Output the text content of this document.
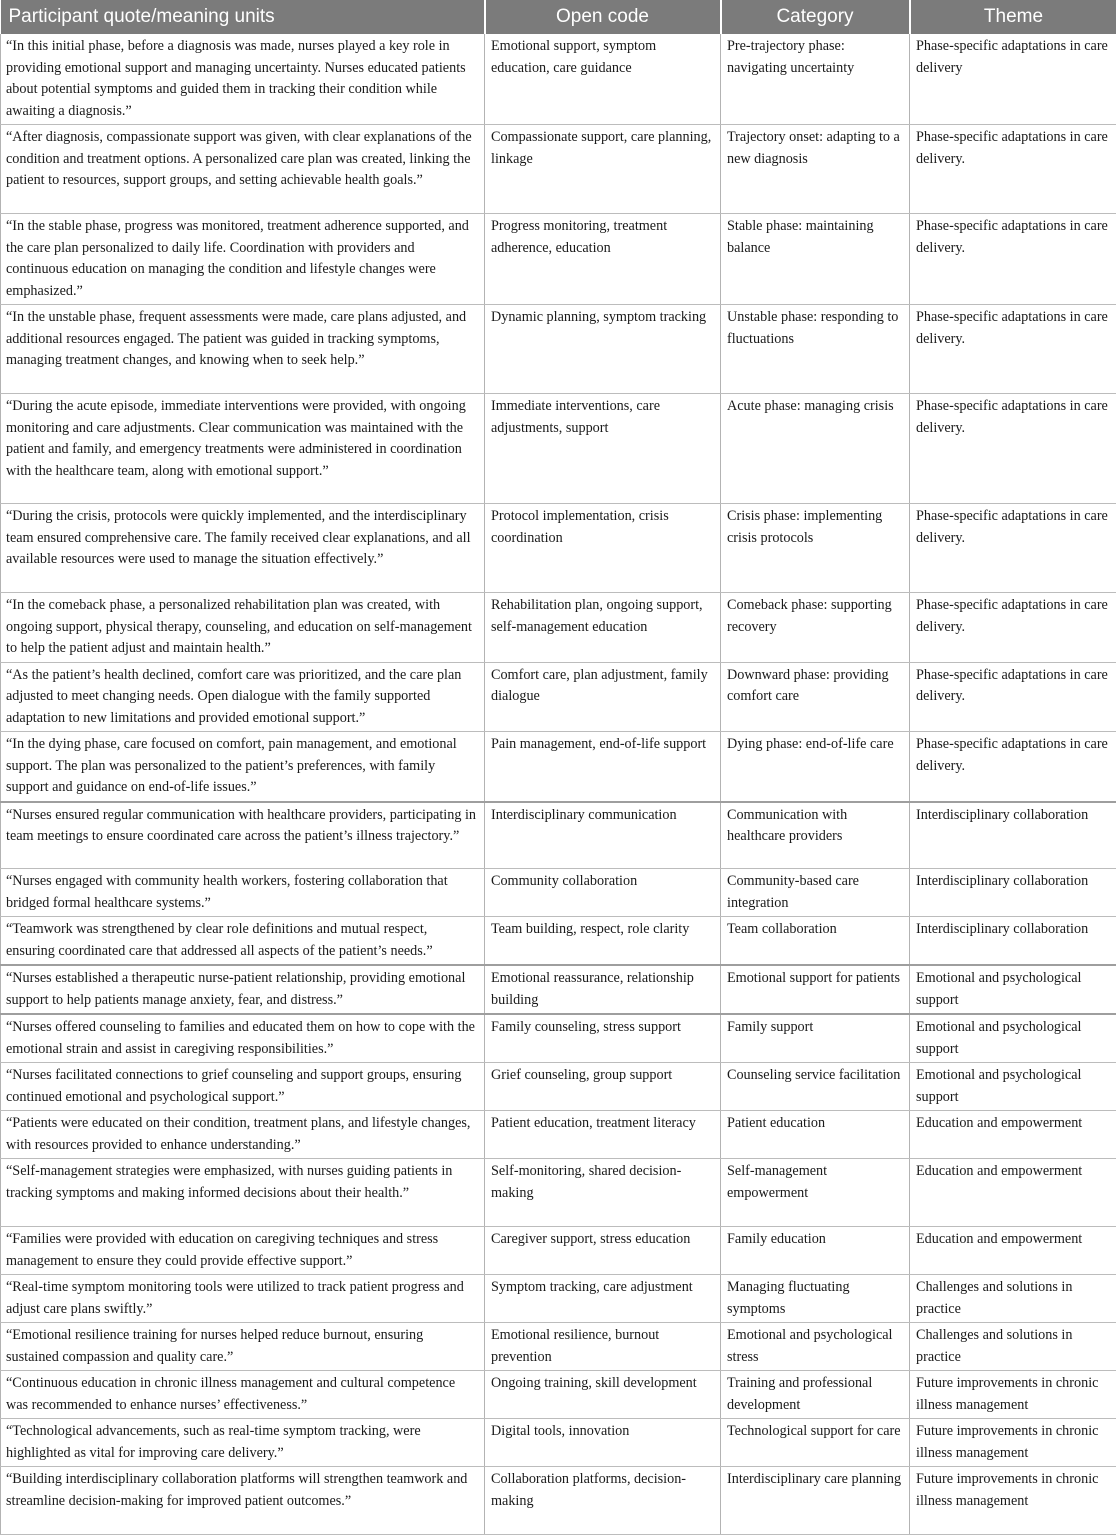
Participant quote/meaning units	Open code	Category	Theme
“In this initial phase, before a diagnosis was made, nurses played a key role in providing emotional support and managing uncertainty. Nurses educated patients about potential symptoms and guided them in tracking their condition while awaiting a diagnosis.”	Emotional support, symptom education, care guidance	Pre-trajectory phase: navigating uncertainty	Phase-specific adaptations in care delivery
“After diagnosis, compassionate support was given, with clear explanations of the condition and treatment options. A personalized care plan was created, linking the patient to resources, support groups, and setting achievable health goals.”	Compassionate support, care planning, linkage	Trajectory onset: adapting to a new diagnosis	Phase-specific adaptations in care delivery.
“In the stable phase, progress was monitored, treatment adherence supported, and the care plan personalized to daily life. Coordination with providers and continuous education on managing the condition and lifestyle changes were emphasized.”	Progress monitoring, treatment adherence, education	Stable phase: maintaining balance	Phase-specific adaptations in care delivery.
“In the unstable phase, frequent assessments were made, care plans adjusted, and additional resources engaged. The patient was guided in tracking symptoms, managing treatment changes, and knowing when to seek help.”	Dynamic planning, symptom tracking	Unstable phase: responding to fluctuations	Phase-specific adaptations in care delivery.
“During the acute episode, immediate interventions were provided, with ongoing monitoring and care adjustments. Clear communication was maintained with the patient and family, and emergency treatments were administered in coordination with the healthcare team, along with emotional support.”	Immediate interventions, care adjustments, support	Acute phase: managing crisis	Phase-specific adaptations in care delivery.
“During the crisis, protocols were quickly implemented, and the interdisciplinary team ensured comprehensive care. The family received clear explanations, and all available resources were used to manage the situation effectively.”	Protocol implementation, crisis coordination	Crisis phase: implementing crisis protocols	Phase-specific adaptations in care delivery.
“In the comeback phase, a personalized rehabilitation plan was created, with ongoing support, physical therapy, counseling, and education on self-management to help the patient adjust and maintain health.”	Rehabilitation plan, ongoing support, self-management education	Comeback phase: supporting recovery	Phase-specific adaptations in care delivery.
“As the patient’s health declined, comfort care was prioritized, and the care plan adjusted to meet changing needs. Open dialogue with the family supported adaptation to new limitations and provided emotional support.”	Comfort care, plan adjustment, family dialogue	Downward phase: providing comfort care	Phase-specific adaptations in care delivery.
“In the dying phase, care focused on comfort, pain management, and emotional support. The plan was personalized to the patient’s preferences, with family support and guidance on end-of-life issues.”	Pain management, end-of-life support	Dying phase: end-of-life care	Phase-specific adaptations in care delivery.
“Nurses ensured regular communication with healthcare providers, participating in team meetings to ensure coordinated care across the patient’s illness trajectory.”	Interdisciplinary communication	Communication with healthcare providers	Interdisciplinary collaboration
“Nurses engaged with community health workers, fostering collaboration that bridged formal healthcare systems.”	Community collaboration	Community-based care integration	Interdisciplinary collaboration
“Teamwork was strengthened by clear role definitions and mutual respect, ensuring coordinated care that addressed all aspects of the patient’s needs.”	Team building, respect, role clarity	Team collaboration	Interdisciplinary collaboration
“Nurses established a therapeutic nurse-patient relationship, providing emotional support to help patients manage anxiety, fear, and distress.”	Emotional reassurance, relationship building	Emotional support for patients	Emotional and psychological support
“Nurses offered counseling to families and educated them on how to cope with the emotional strain and assist in caregiving responsibilities.”	Family counseling, stress support	Family support	Emotional and psychological support
“Nurses facilitated connections to grief counseling and support groups, ensuring continued emotional and psychological support.”	Grief counseling, group support	Counseling service facilitation	Emotional and psychological support
“Patients were educated on their condition, treatment plans, and lifestyle changes, with resources provided to enhance understanding.”	Patient education, treatment literacy	Patient education	Education and empowerment
“Self-management strategies were emphasized, with nurses guiding patients in tracking symptoms and making informed decisions about their health.”	Self-monitoring, shared decision-making	Self-management empowerment	Education and empowerment
“Families were provided with education on caregiving techniques and stress management to ensure they could provide effective support.”	Caregiver support, stress education	Family education	Education and empowerment
“Real-time symptom monitoring tools were utilized to track patient progress and adjust care plans swiftly.”	Symptom tracking, care adjustment	Managing fluctuating symptoms	Challenges and solutions in practice
“Emotional resilience training for nurses helped reduce burnout, ensuring sustained compassion and quality care.”	Emotional resilience, burnout prevention	Emotional and psychological stress	Challenges and solutions in practice
“Continuous education in chronic illness management and cultural competence was recommended to enhance nurses’ effectiveness.”	Ongoing training, skill development	Training and professional development	Future improvements in chronic illness management
“Technological advancements, such as real-time symptom tracking, were highlighted as vital for improving care delivery.”	Digital tools, innovation	Technological support for care	Future improvements in chronic illness management
“Building interdisciplinary collaboration platforms will strengthen teamwork and streamline decision-making for improved patient outcomes.”	Collaboration platforms, decision-making	Interdisciplinary care planning	Future improvements in chronic illness management
